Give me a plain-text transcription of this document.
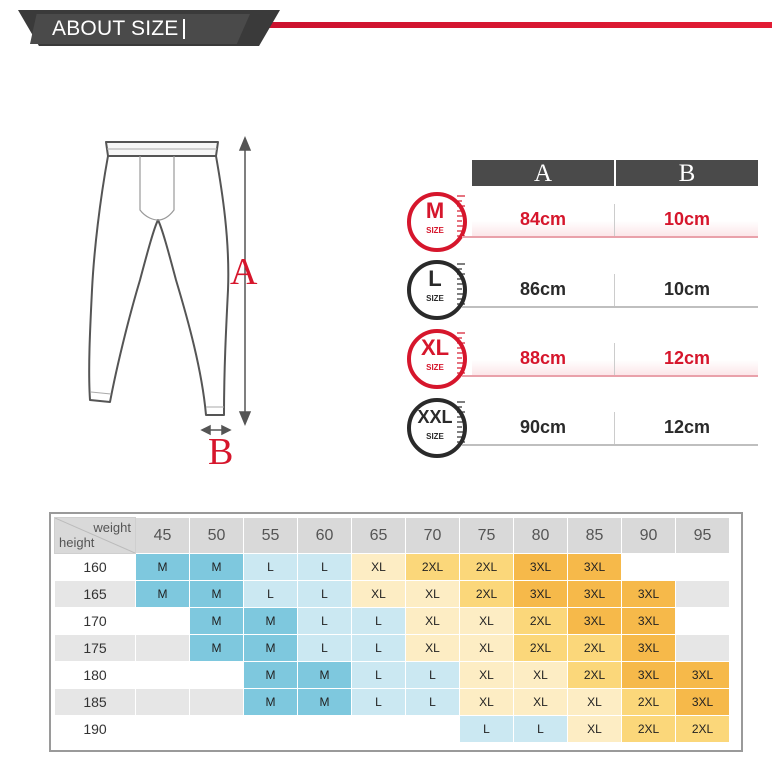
ABOUT SIZE
A
B
A	B
M
SIZE
84cm	10cm
L
SIZE	86cm	10cm
XL
SIZE	88cm	12cm
XXL
SIZE	90cm	12cm
weight
height	45	50	55	60	65	70	75	80	85	90	95
160	M	M	L	L	XL	2XL	2XL	3XL	3XL		
165	M	M	L	L	XL	XL	2XL	3XL	3XL	3XL	
170		M	M	L	L	XL	XL	2XL	3XL	3XL	
175		M	M	L	L	XL	XL	2XL	2XL	3XL	
180			M	M	L	L	XL	XL	2XL	3XL	3XL
185			M	M	L	L	XL	XL	XL	2XL	3XL
190							L	L	XL	2XL	2XL
